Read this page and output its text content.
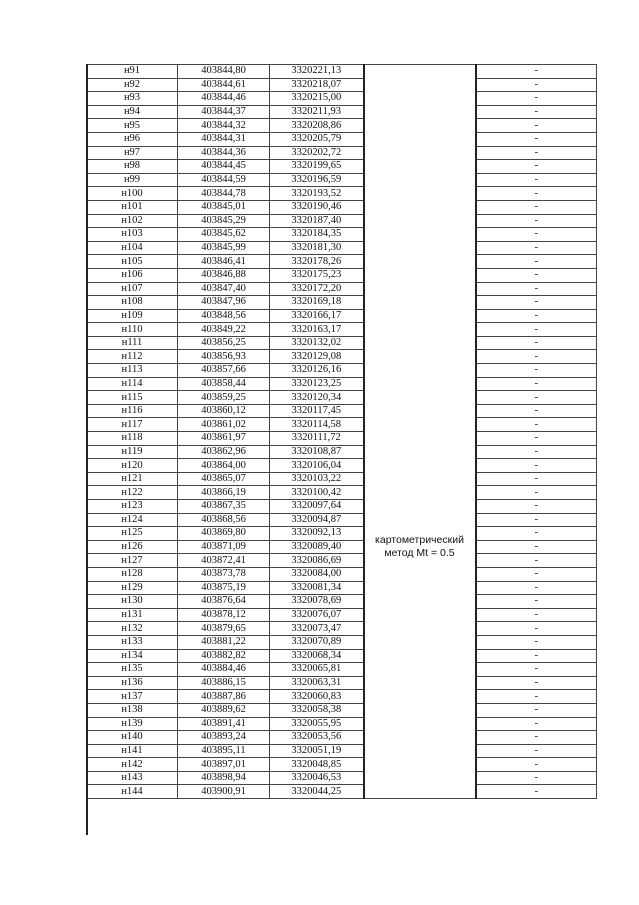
н91	403844,80	3320221,13		-
н92	403844,61	3320218,07		-
н93	403844,46	3320215,00		-
н94	403844,37	3320211,93		-
н95	403844,32	3320208,86		-
н96	403844,31	3320205,79		-
н97	403844,36	3320202,72		-
н98	403844,45	3320199,65		-
н99	403844,59	3320196,59		-
н100	403844,78	3320193,52		-
н101	403845,01	3320190,46		-
н102	403845,29	3320187,40		-
н103	403845,62	3320184,35		-
н104	403845,99	3320181,30		-
н105	403846,41	3320178,26		-
н106	403846,88	3320175,23		-
н107	403847,40	3320172,20		-
н108	403847,96	3320169,18	картометрический метод Mt = 0.5	-
н109	403848,56	3320166,17		-
н110	403849,22	3320163,17		-
н111	403856,25	3320132,02		-
н112	403856,93	3320129,08		-
н113	403857,66	3320126,16		-
н114	403858,44	3320123,25		-
н115	403859,25	3320120,34		-
н116	403860,12	3320117,45		-
н117	403861,02	3320114,58		-
н118	403861,97	3320111,72		-
н119	403862,96	3320108,87		-
н120	403864,00	3320106,04		-
н121	403865,07	3320103,22		-
н122	403866,19	3320100,42		-
н123	403867,35	3320097,64		-
н124	403868,56	3320094,87		-
н125	403869,80	3320092,13		-
н126	403871,09	3320089,40		-
н127	403872,41	3320086,69		-
н128	403873,78	3320084,00		-
н129	403875,19	3320081,34		-
н130	403876,64	3320078,69		-
н131	403878,12	3320076,07		-
н132	403879,65	3320073,47		-
н133	403881,22	3320070,89		-
н134	403882,82	3320068,34		-
н135	403884,46	3320065,81		-
н136	403886,15	3320063,31		-
н137	403887,86	3320060,83		-
н138	403889,62	3320058,38		-
н139	403891,41	3320055,95		-
н140	403893,24	3320053,56		-
н141	403895,11	3320051,19		-
н142	403897,01	3320048,85		-
н143	403898,94	3320046,53		-
н144	403900,91	3320044,25		-
